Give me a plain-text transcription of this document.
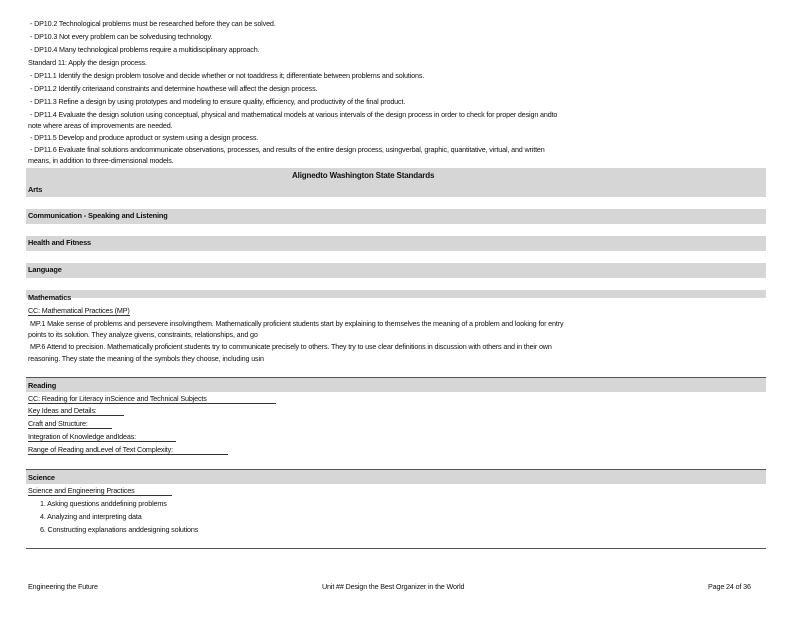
- DP10.2 Technological problems must be researched before they can be solved.
- DP10.3 Not every problem can be solvedusing technology.
- DP10.4 Many technological problems require a multidisciplinary approach.
Standard 11: Apply the design process.
- DP11.1 Identify the design problem tosolve and decide whether or not toaddress it; differentiate between problems and solutions.
- DP11.2 Identify criteriaand constraints and determine howthese will affect the design process.
- DP11.3 Refine a design by using prototypes and modeling to ensure quality, efficiency, and productivity of the final product.
- DP11.4 Evaluate the design solution using conceptual, physical and mathematical models at various intervals of the design process in order to check for proper design andto
note where areas of improvements are needed.
- DP11.5 Develop and produce aproduct or system using a design process.
- DP11.6 Evaluate final solutions andcommunicate observations, processes, and results of the entire design process, usingverbal, graphic, quantitative, virtual, and written
means, in addition to three-dimensional models.
Alignedto Washington State Standards
Arts
Communication - Speaking and Listening
Health and Fitness
Language
Mathematics
CC: Mathematical Practices (MP)
MP.1 Make sense of problems and persevere insolvingthem. Mathematically proficient students start by explaining to themselves the meaning of a problem and looking for entry
points to its solution. They analyze givens, constraints, relationships, and go
MP.6 Attend to precision. Mathematically proficient students try to communicate precisely to others. They try to use clear definitions in discussion with others and in their own
reasoning. They state the meaning of the symbols they choose, including usin
Reading
CC: Reading for Literacy inScience and Technical Subjects
Key Ideas and Details:
Craft and Structure:
Integration of Knowledge andIdeas:
Range of Reading andLevel of Text Complexity:
Science
Science and Engineering Practices
1. Asking questions anddefining problems
4. Analyzing and interpreting data
6. Constructing explanations anddesigning solutions
Engineering the Future	Unit ## Design the Best Organizer in the World	Page 24 of 36
